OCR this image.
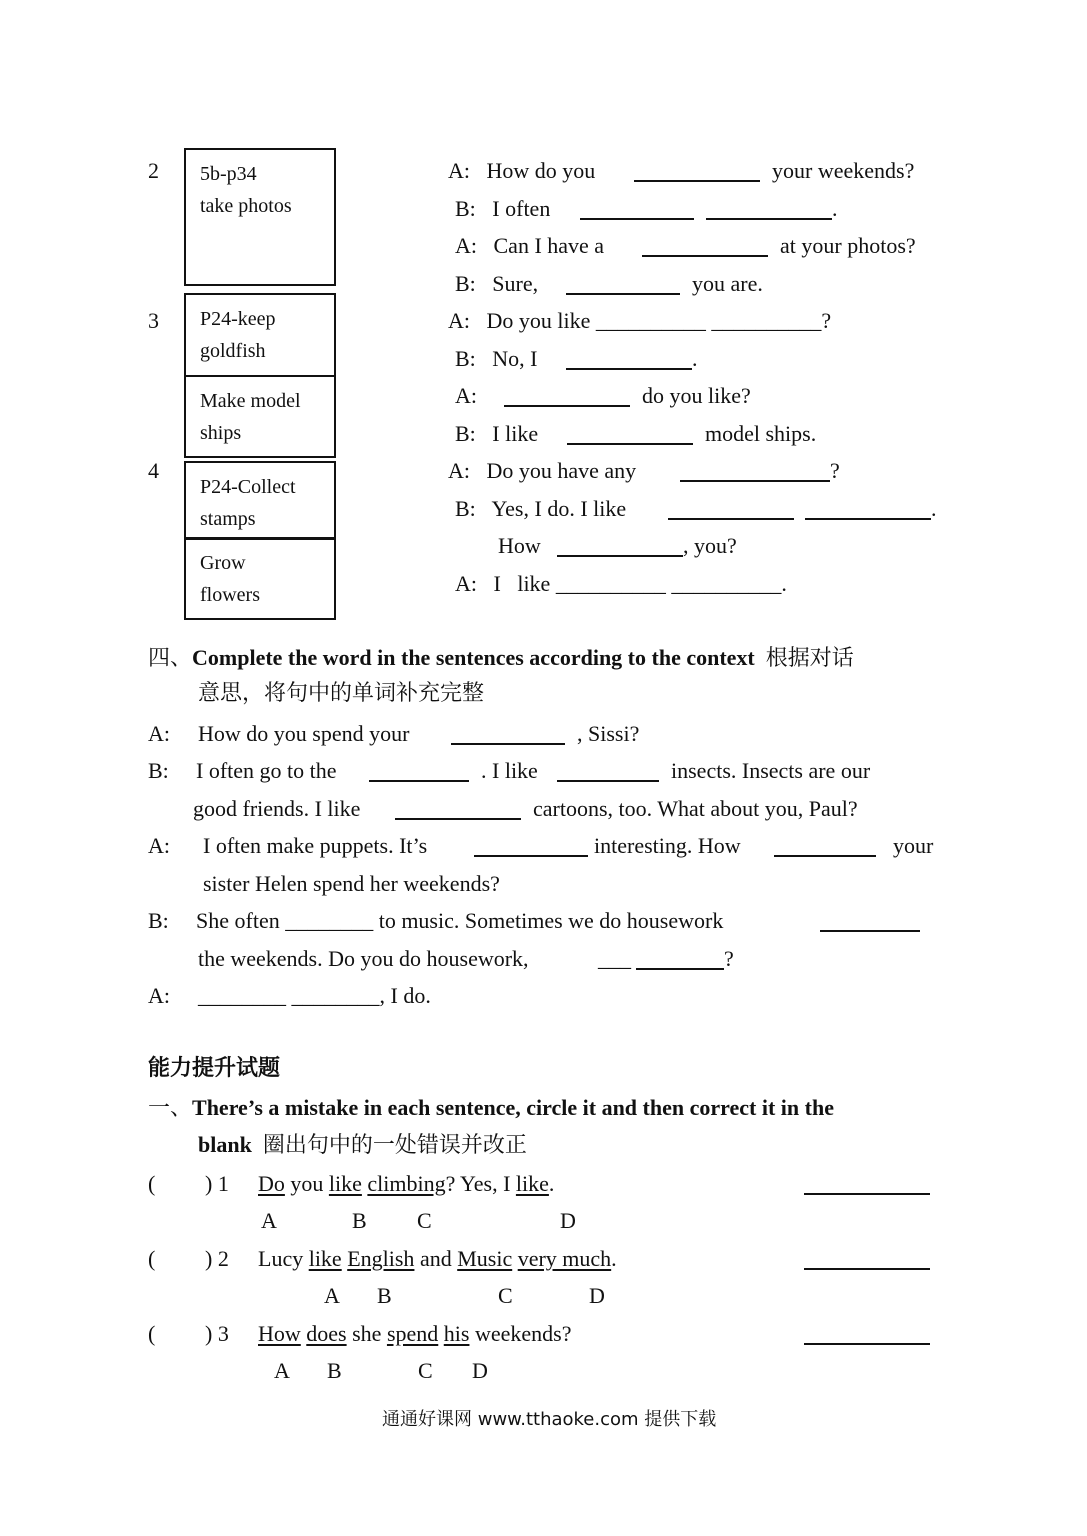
2
3
4
5b-p34
take photos
P24-keep
goldfish
Make model
ships
P24-Collect
stamps
Grow
flowers
A: How do you	your weekends?
B: I often	.
A: Can I have a	at your photos?
B: Sure,	you are.
A: Do you like __________ __________?
B: No, I	.
A:	do you like?
B: I like	model ships.
A: Do you have any	?
B: Yes, I do. I like	.
How	, you?
A: I like __________ __________.
四、Complete the word in the sentences according to the context 根据对话
意思，将句中的单词补充完整
A: How do you spend your	, Sissi?
B: I often go to the	. I like	insects. Insects are our
good friends. I like	cartoons, too. What about you, Paul?
A: I often make puppets. It’s	interesting. How	your
sister Helen spend her weekends?
B: She often ________ to music. Sometimes we do housework
the weekends. Do you do housework,	___	?
A: ________ ________, I do.
能力提升试题
一、There’s a mistake in each sentence, circle it and then correct it in the
blank 圈出句中的一处错误并改正
( ) 1 Do you like climbing? Yes, I like.
A	B C	D
( ) 2 Lucy like English and Music very much.
A B	C	D
( ) 3 How does she spend his weekends?
A B	C D
通通好课网 www.tthaoke.com 提供下载
